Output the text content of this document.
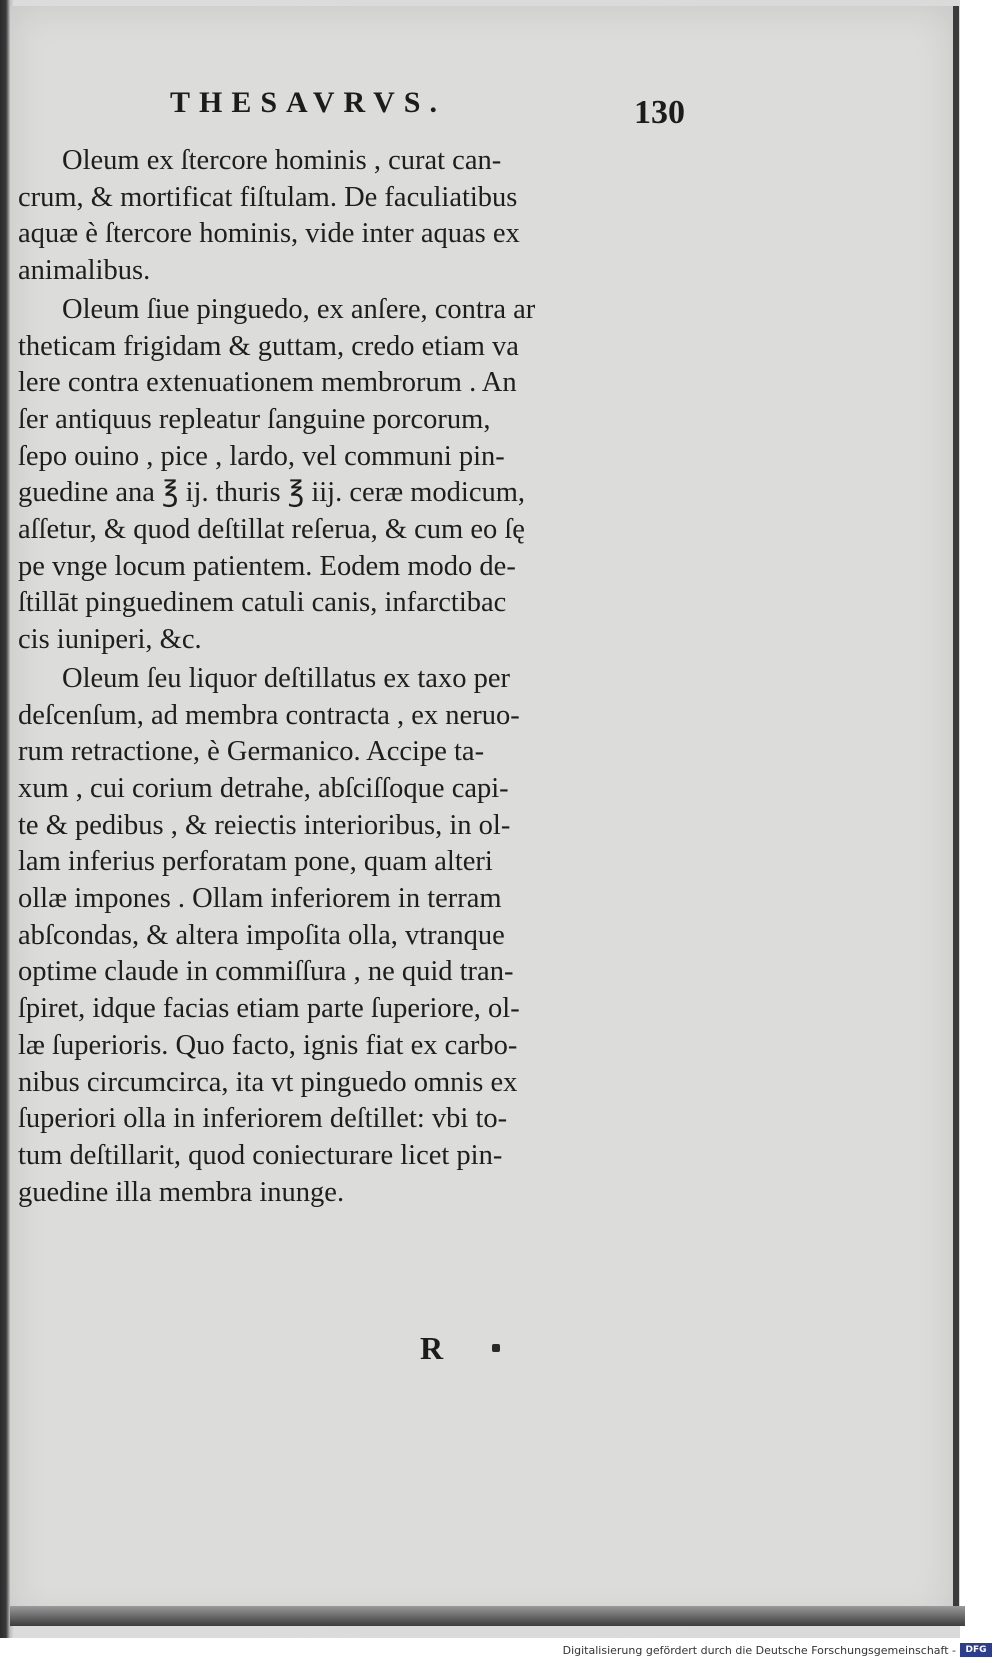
THESAVRVS.	130
Oleum ex ſtercore hominis , curat can-
crum, & mortificat fiſtulam. De faculiatibus
aquæ è ſtercore hominis, vide inter aquas ex
animalibus.
Oleum ſiue pinguedo, ex anſere, contra ar
theticam frigidam & guttam, credo etiam va
lere contra extenuationem membrorum . An
ſer antiquus repleatur ſanguine porcorum,
ſepo ouino , pice , lardo, vel communi pin-
guedine ana ℥ ij. thuris ℥ iij. ceræ modicum,
aſſetur, & quod deſtillat reſerua, & cum eo ſę
pe vnge locum patientem. Eodem modo de-
ſtillāt pinguedinem catuli canis, infarctibac
cis iuniperi, &c.
Oleum ſeu liquor deſtillatus ex taxo per
deſcenſum, ad membra contracta , ex neruo-
rum retractione, è Germanico. Accipe ta-
xum , cui corium detrahe, abſciſſoque capi-
te & pedibus , & reiectis interioribus, in ol-
lam inferius perforatam pone, quam alteri
ollæ impones . Ollam inferiorem in terram
abſcondas, & altera impoſita olla, vtranque
optime claude in commiſſura , ne quid tran-
ſpiret, idque facias etiam parte ſuperiore, ol-
læ ſuperioris. Quo facto, ignis fiat ex carbo-
nibus circumcirca, ita vt pinguedo omnis ex
ſuperiori olla in inferiorem deſtillet: vbi to-
tum deſtillarit, quod coniecturare licet pin-
guedine illa membra inunge.
R
Digitalisierung gefördert durch die Deutsche Forschungsgemeinschaft -	DFG
